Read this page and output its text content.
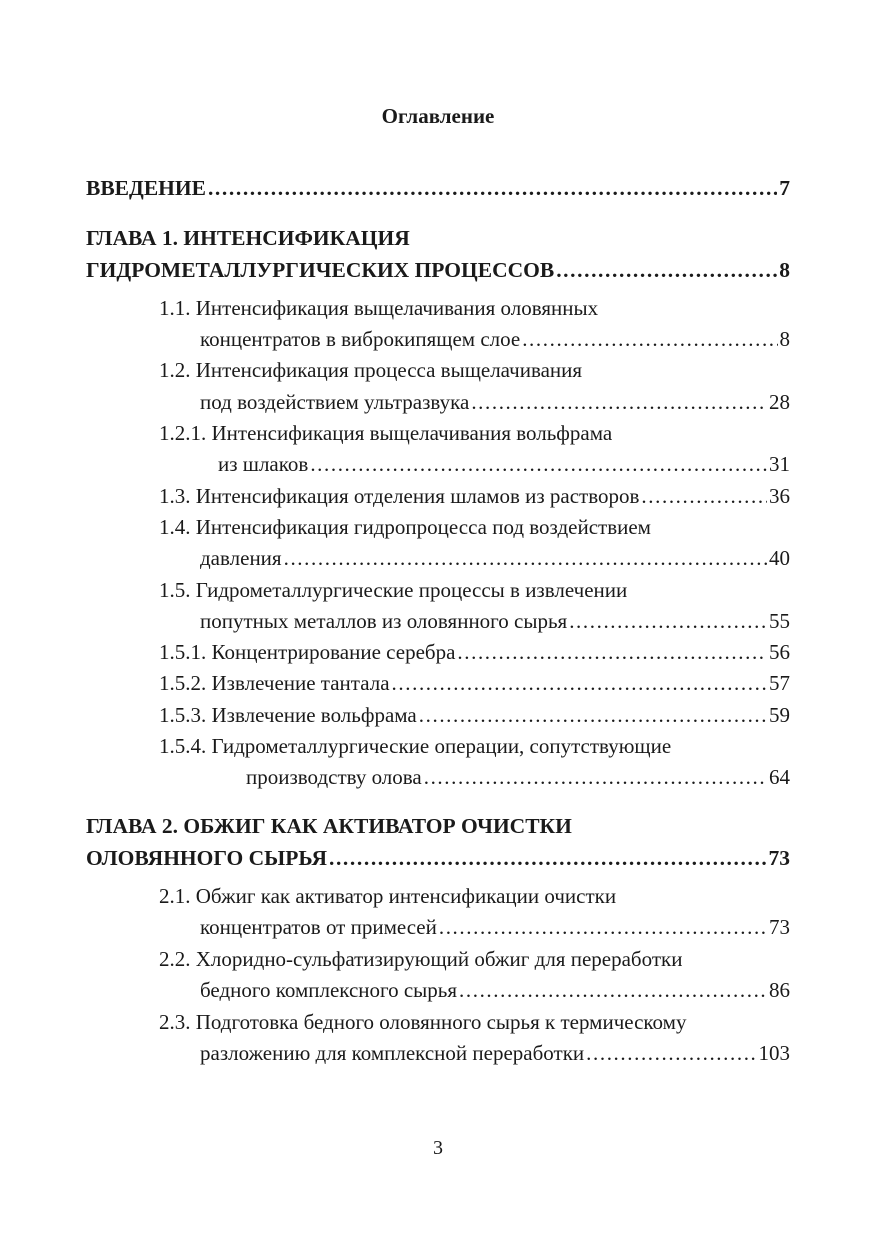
Оглавление
ВВЕДЕНИЕ .....	7
ГЛАВА 1. ИНТЕНСИФИКАЦИЯ
ГИДРОМЕТАЛЛУРГИЧЕСКИХ ПРОЦЕССОВ .....	8
1.1. Интенсификация выщелачивания оловянных
концентратов в виброкипящем слое .....	8
1.2. Интенсификация процесса выщелачивания
под воздействием ультразвука .....	28
1.2.1. Интенсификация выщелачивания вольфрама
из шлаков .....	31
1.3. Интенсификация отделения шламов из растворов .....	36
1.4. Интенсификация гидропроцесса под воздействием
давления .....	40
1.5. Гидрометаллургические процессы в извлечении
попутных металлов из оловянного сырья .....	55
1.5.1. Концентрирование серебра .....	56
1.5.2. Извлечение тантала .....	57
1.5.3. Извлечение вольфрама .....	59
1.5.4. Гидрометаллургические операции, сопутствующие
производству олова .....	64
ГЛАВА 2. ОБЖИГ КАК АКТИВАТОР ОЧИСТКИ
ОЛОВЯННОГО СЫРЬЯ .....	73
2.1. Обжиг как активатор интенсификации очистки
концентратов от примесей .....	73
2.2. Хлоридно-сульфатизирующий обжиг для переработки
бедного комплексного сырья .....	86
2.3. Подготовка бедного оловянного сырья к термическому
разложению для комплексной переработки .....	103
3
